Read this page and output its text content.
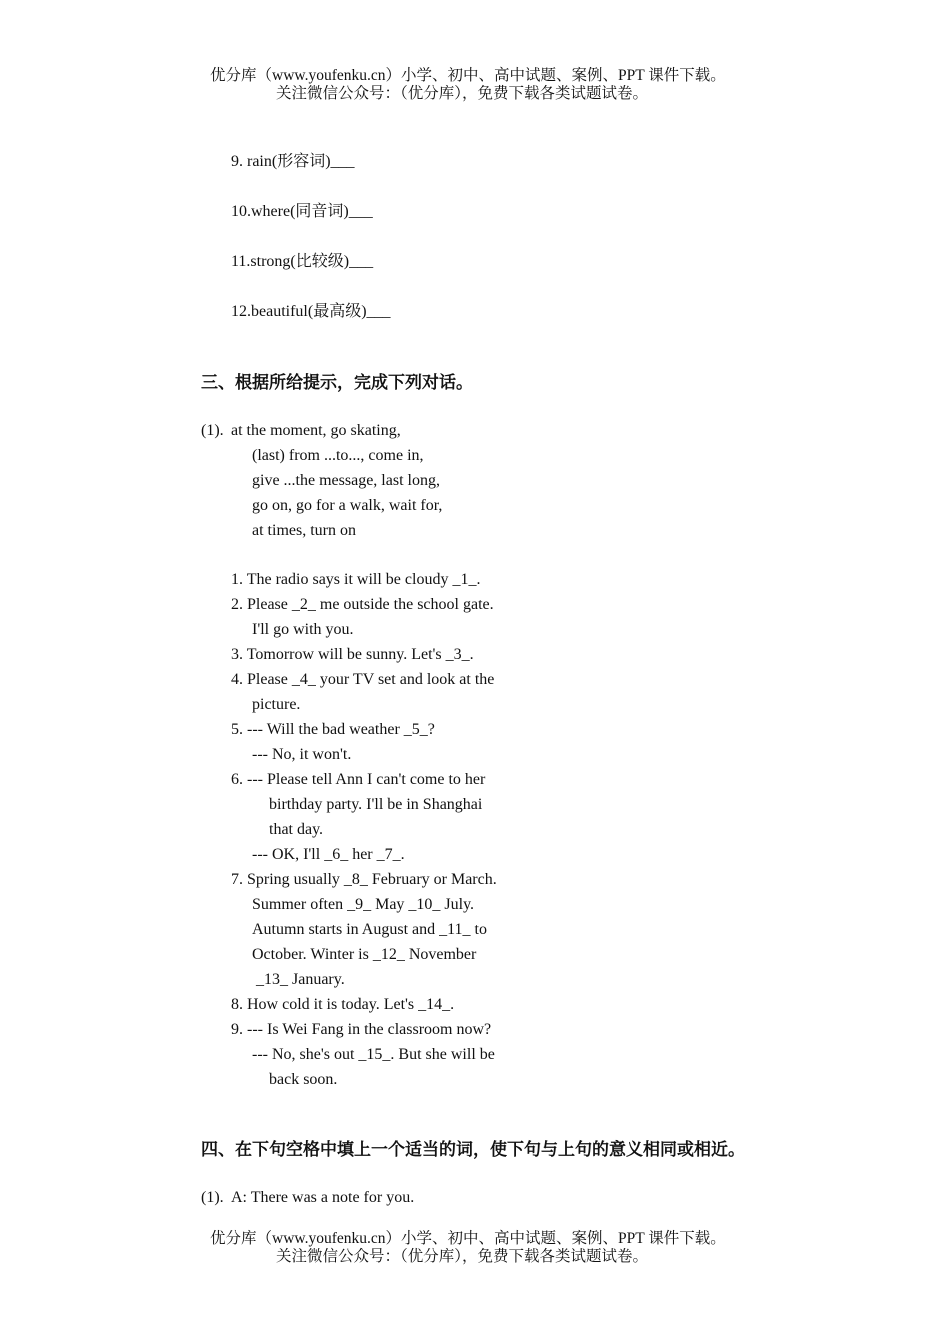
优分库（www.youfenku.cn）小学、初中、高中试题、案例、PPT 课件下载。
关注微信公众号：（优分库），免费下载各类试题试卷。
9. rain(形容词)___
10.where(同音词)___
11.strong(比较级)___
12.beautiful(最高级)___
三、根据所给提示，完成下列对话。
(1). at the moment, go skating,
(last) from ...to..., come in,
give ...the message, last long,
go on, go for a walk, wait for,
at times, turn on
1. The radio says it will be cloudy _1_.
2. Please _2_ me outside the school gate.
I'll go with you.
3. Tomorrow will be sunny. Let's _3_.
4. Please _4_ your TV set and look at the
picture.
5. --- Will the bad weather _5_?
--- No, it won't.
6. --- Please tell Ann I can't come to her
birthday party. I'll be in Shanghai
that day.
--- OK, I'll _6_ her _7_.
7. Spring usually _8_ February or March.
Summer often _9_ May _10_ July.
Autumn starts in August and _11_ to
October. Winter is _12_ November
_13_ January.
8. How cold it is today. Let's _14_.
9. --- Is Wei Fang in the classroom now?
--- No, she's out _15_. But she will be
back soon.
四、在下句空格中填上一个适当的词，使下句与上句的意义相同或相近。
(1). A: There was a note for you.
优分库（www.youfenku.cn）小学、初中、高中试题、案例、PPT 课件下载。
关注微信公众号：（优分库），免费下载各类试题试卷。
